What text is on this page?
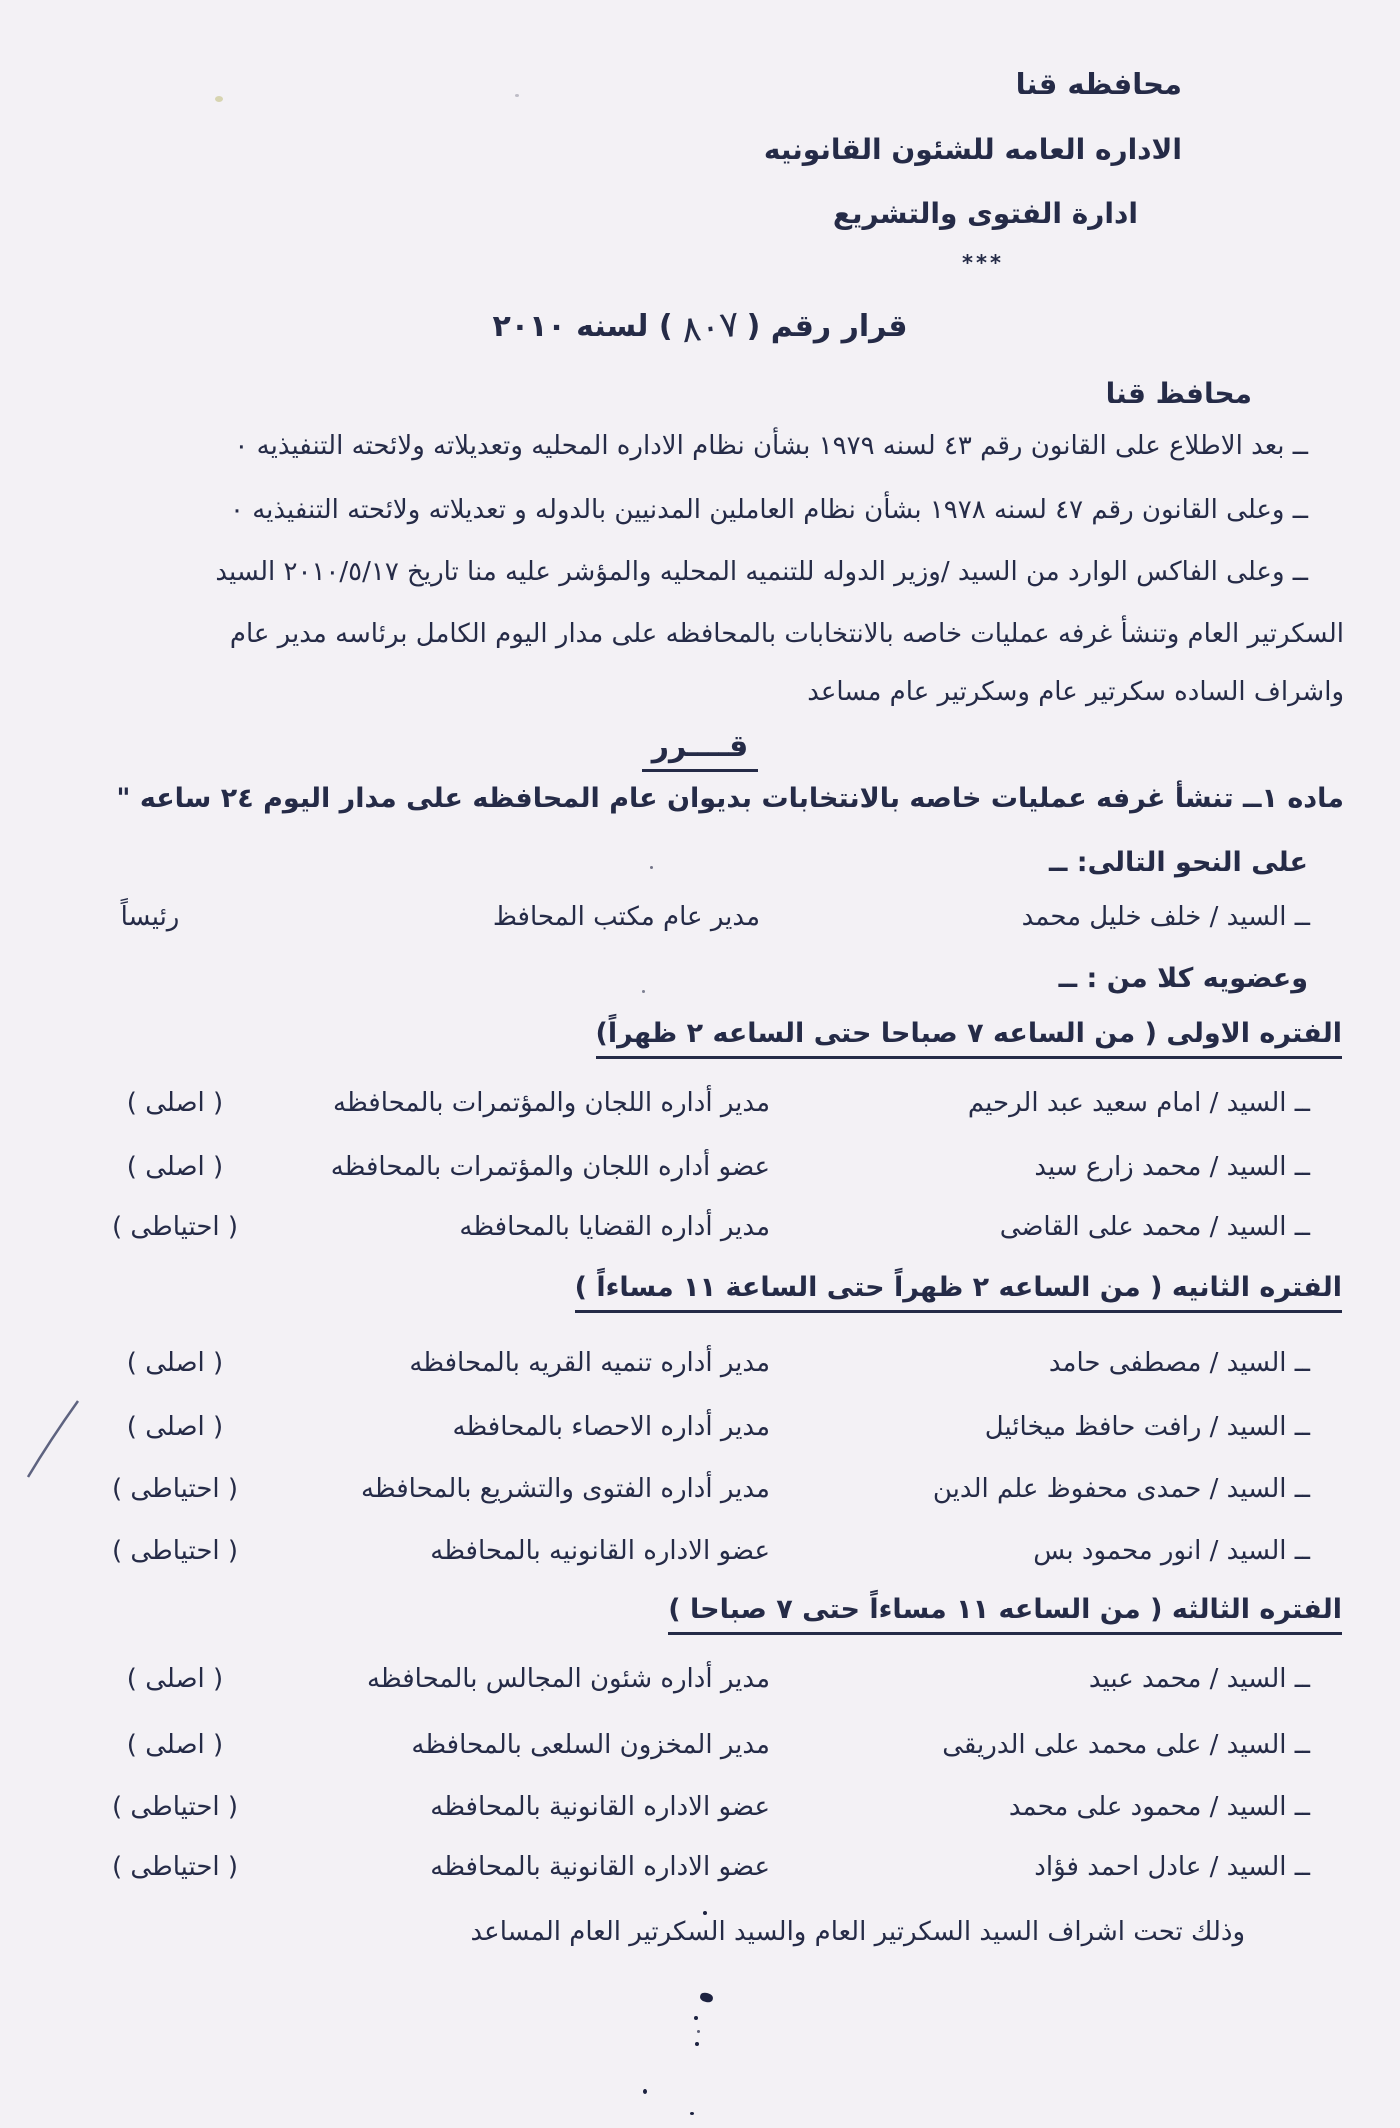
محافظه قنا
الاداره العامه للشئون القانونيه
ادارة الفتوى والتشريع
***
قرار رقم (٨٠٧) لسنه ٢٠١٠
محافظ قنا
ــ بعد الاطلاع على القانون رقم ٤٣ لسنه ١٩٧٩ بشأن نظام الاداره المحليه وتعديلاته ولائحته التنفيذيه ٠
ــ وعلى القانون رقم ٤٧ لسنه ١٩٧٨ بشأن نظام العاملين المدنيين بالدوله و تعديلاته ولائحته التنفيذيه ٠
ــ وعلى الفاكس الوارد من السيد /وزير الدوله للتنميه المحليه والمؤشر عليه منا تاريخ ٢٠١٠/٥/١٧ السيد
السكرتير العام وتنشأ غرفه عمليات خاصه بالانتخابات بالمحافظه على مدار اليوم الكامل برئاسه مدير عام
واشراف الساده سكرتير عام وسكرتير عام مساعد
قــــرر
ماده ١ــ تنشأ غرفه عمليات خاصه بالانتخابات بديوان عام المحافظه على مدار اليوم ٢٤ ساعه "
على النحو التالى: ــ
ــ السيد / خلف خليل محمد
مدير عام مكتب المحافظ
رئيساً
وعضويه كلا من : ــ
الفتره الاولى ( من الساعه ٧ صباحا حتى الساعه ٢ ظهراً)
ــ السيد / امام سعيد عبد الرحيم
مدير أداره اللجان والمؤتمرات بالمحافظه
( اصلى )
ــ السيد / محمد زارع سيد
عضو أداره اللجان والمؤتمرات بالمحافظه
( اصلى )
ــ السيد / محمد على القاضى
مدير أداره القضايا بالمحافظه
( احتياطى )
الفتره الثانيه ( من الساعه ٢ ظهراً حتى الساعة ١١ مساءاً )
ــ السيد / مصطفى حامد
مدير أداره تنميه القريه بالمحافظه
( اصلى )
ــ السيد / رافت حافظ ميخائيل
مدير أداره الاحصاء بالمحافظه
( اصلى )
ــ السيد / حمدى محفوظ علم الدين
مدير أداره الفتوى والتشريع بالمحافظه
( احتياطى )
ــ السيد / انور محمود بس
عضو الاداره القانونيه بالمحافظه
( احتياطى )
الفتره الثالثه ( من الساعه ١١ مساءاً حتى ٧ صباحا )
ــ السيد / محمد عبيد
مدير أداره شئون المجالس بالمحافظه
( اصلى )
ــ السيد / على محمد على الدريقى
مدير المخزون السلعى بالمحافظه
( اصلى )
ــ السيد / محمود على محمد
عضو الاداره القانونية بالمحافظه
( احتياطى )
ــ السيد / عادل احمد فؤاد
عضو الاداره القانونية بالمحافظه
( احتياطى )
وذلك تحت اشراف السيد السكرتير العام والسيد السكرتير العام المساعد
